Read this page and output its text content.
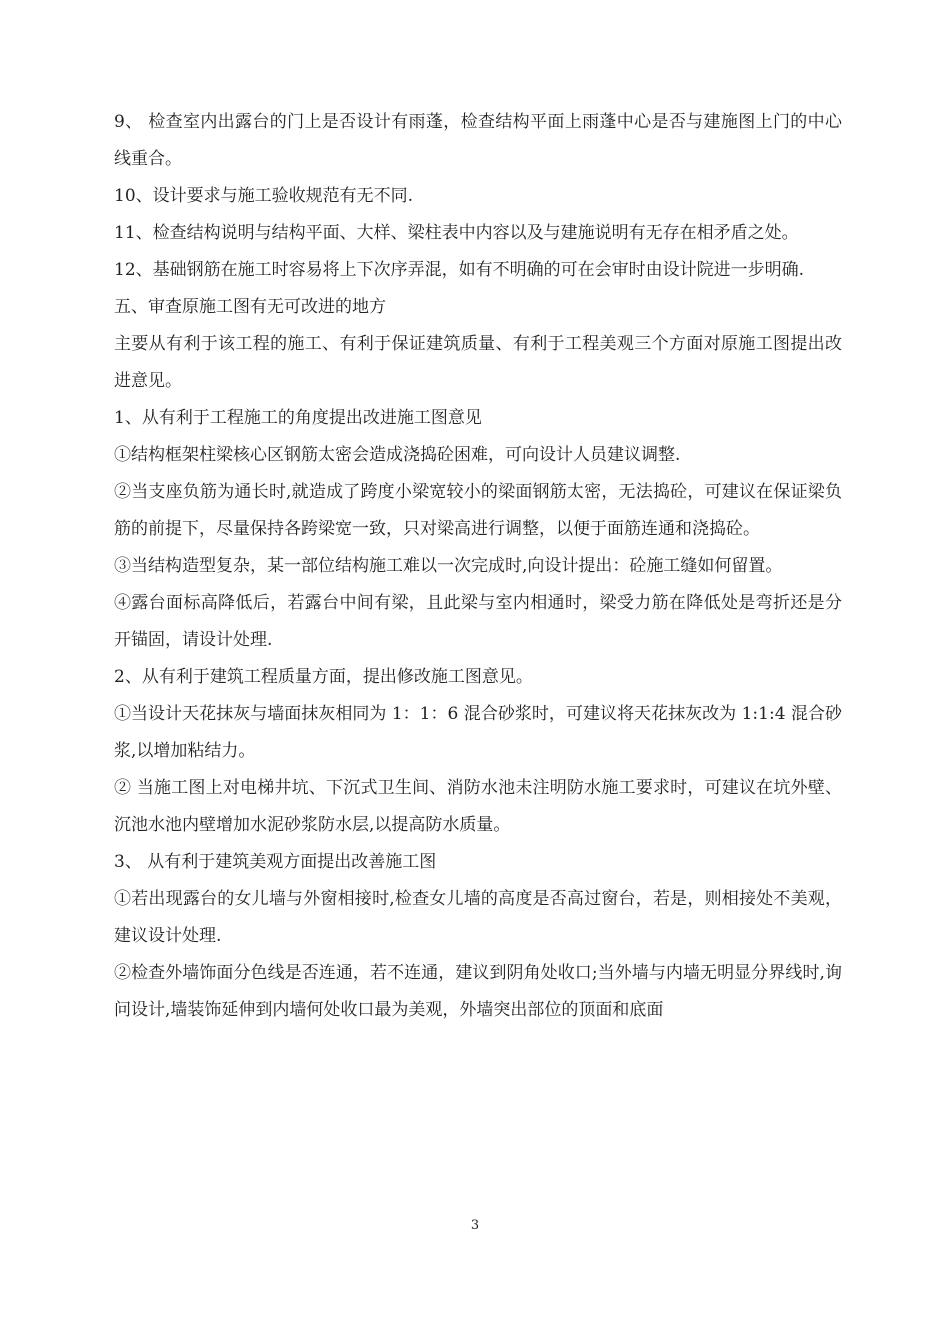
9、 检查室内出露台的门上是否设计有雨蓬，检查结构平面上雨蓬中心是否与建施图上门的中心线重合。

10、设计要求与施工验收规范有无不同.

11、检查结构说明与结构平面、大样、梁柱表中内容以及与建施说明有无存在相矛盾之处。

12、基础钢筋在施工时容易将上下次序弄混，如有不明确的可在会审时由设计院进一步明确.

五、审查原施工图有无可改进的地方

主要从有利于该工程的施工、有利于保证建筑质量、有利于工程美观三个方面对原施工图提出改进意见。

1、从有利于工程施工的角度提出改进施工图意见

①结构框架柱梁核心区钢筋太密会造成浇捣砼困难，可向设计人员建议调整.

②当支座负筋为通长时,就造成了跨度小梁宽较小的梁面钢筋太密，无法捣砼，可建议在保证梁负筋的前提下，尽量保持各跨梁宽一致，只对梁高进行调整，以便于面筋连通和浇捣砼。

③当结构造型复杂，某一部位结构施工难以一次完成时,向设计提出：砼施工缝如何留置。

④露台面标高降低后，若露台中间有梁，且此梁与室内相通时，梁受力筋在降低处是弯折还是分开锚固，请设计处理.

2、从有利于建筑工程质量方面，提出修改施工图意见。

①当设计天花抹灰与墙面抹灰相同为 1：1：6 混合砂浆时，可建议将天花抹灰改为 1:1:4 混合砂浆,以增加粘结力。

② 当施工图上对电梯井坑、下沉式卫生间、消防水池未注明防水施工要求时，可建议在坑外壁、沉池水池内壁增加水泥砂浆防水层,以提高防水质量。

3、 从有利于建筑美观方面提出改善施工图

①若出现露台的女儿墙与外窗相接时,检查女儿墙的高度是否高过窗台，若是，则相接处不美观，建议设计处理.

②检查外墙饰面分色线是否连通，若不连通，建议到阴角处收口;当外墙与内墙无明显分界线时,询问设计,墙装饰延伸到内墙何处收口最为美观，外墙突出部位的顶面和底面

3
